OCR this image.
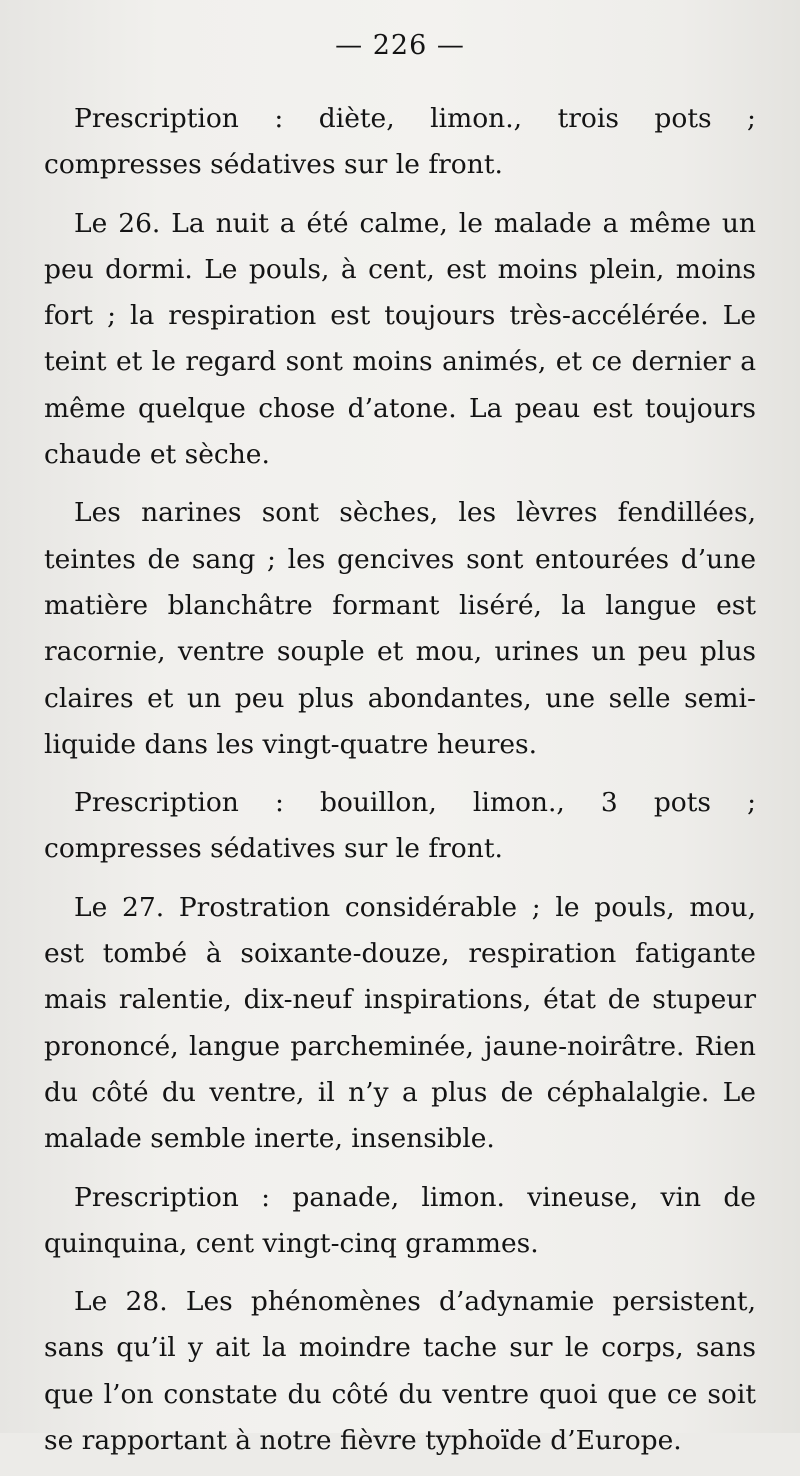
— 226 —

Prescription : diète, limon., trois pots ; compresses sédatives sur le front.

Le 26. La nuit a été calme, le malade a même un peu dormi. Le pouls, à cent, est moins plein, moins fort ; la respiration est toujours très-accélérée. Le teint et le regard sont moins animés, et ce dernier a même quelque chose d’atone. La peau est toujours chaude et sèche.

Les narines sont sèches, les lèvres fendillées, teintes de sang ; les gencives sont entourées d’une matière blanchâtre formant liséré, la langue est racornie, ventre souple et mou, urines un peu plus claires et un peu plus abondantes, une selle semi-liquide dans les vingt-quatre heures.

Prescription : bouillon, limon., 3 pots ; compresses sédatives sur le front.

Le 27. Prostration considérable ; le pouls, mou, est tombé à soixante-douze, respiration fatigante mais ralentie, dix-neuf inspirations, état de stupeur prononcé, langue parcheminée, jaune-noirâtre. Rien du côté du ventre, il n’y a plus de céphalalgie. Le malade semble inerte, insensible.

Prescription : panade, limon. vineuse, vin de quinquina, cent vingt-cinq grammes.

Le 28. Les phénomènes d’adynamie persistent, sans qu’il y ait la moindre tache sur le corps, sans que l’on constate du côté du ventre quoi que ce soit se rapportant à notre fièvre typhoïde d’Europe.
